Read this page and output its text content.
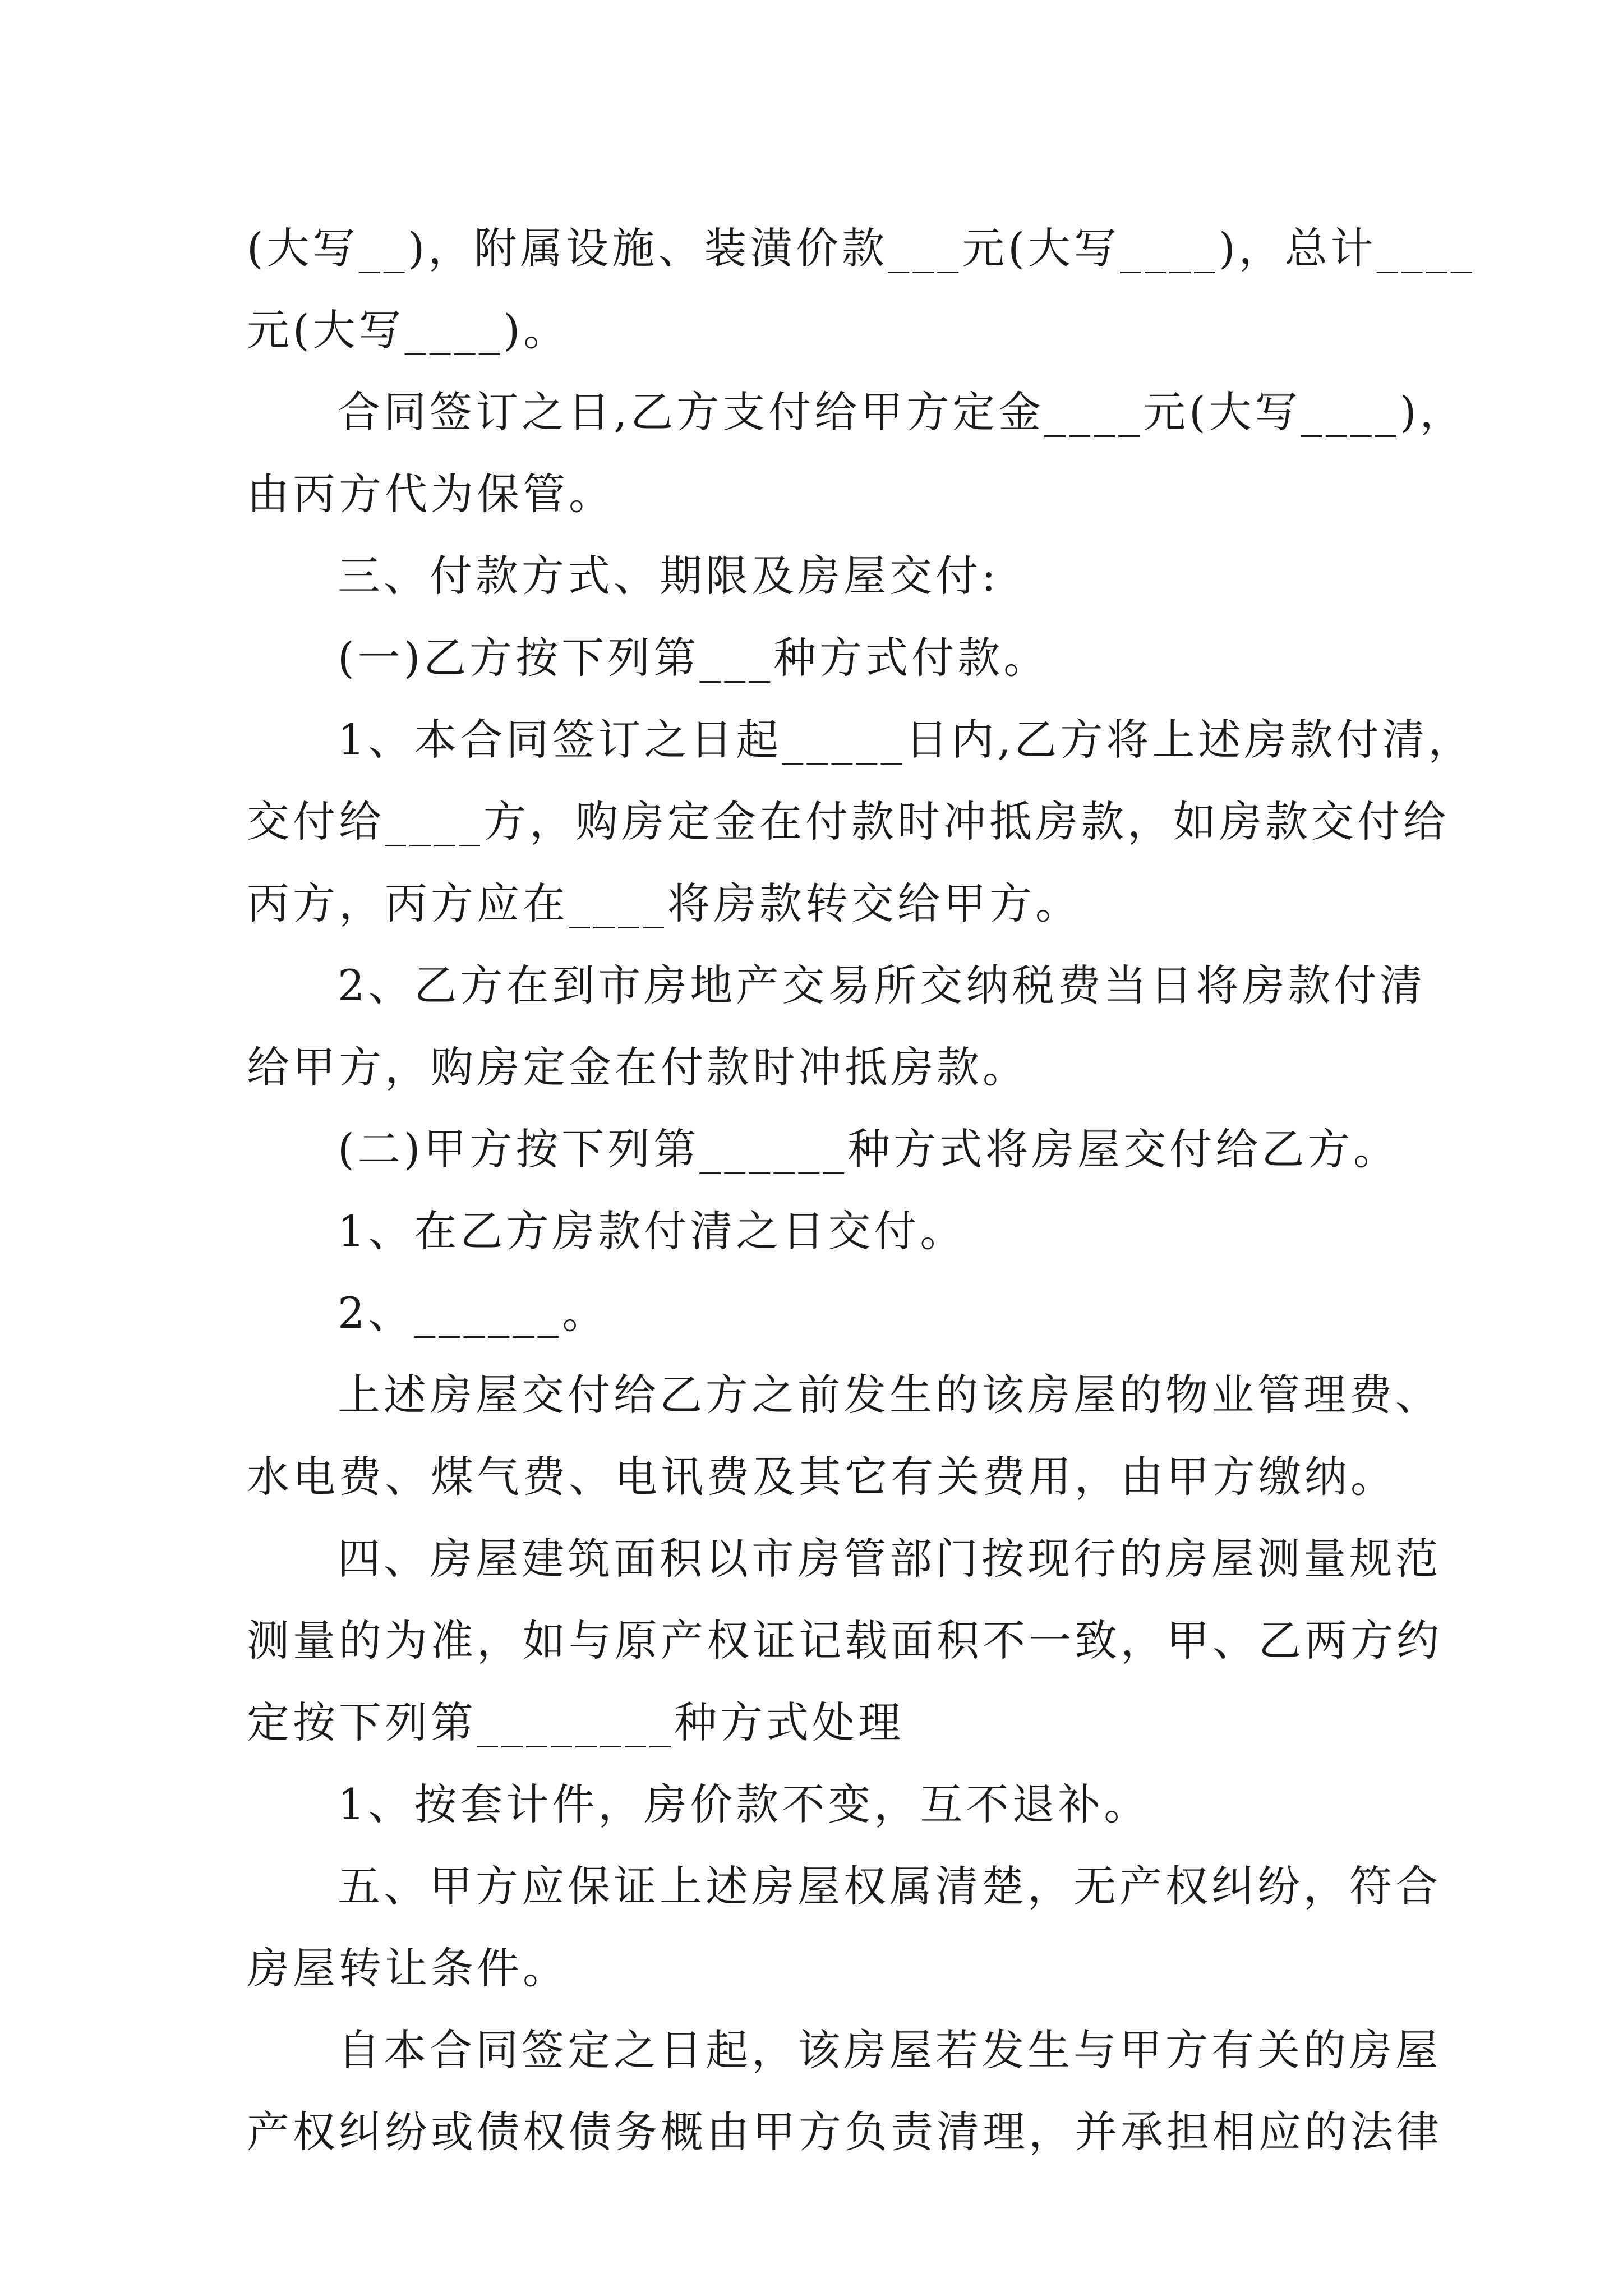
(大写__)，附属设施、装潢价款___元(大写____)，总计____
元(大写____)。
合同签订之日,乙方支付给甲方定金____元(大写____)，
由丙方代为保管。
三、付款方式、期限及房屋交付:
(一)乙方按下列第___种方式付款。
1、本合同签订之日起_____日内,乙方将上述房款付清，
交付给____方，购房定金在付款时冲抵房款，如房款交付给
丙方，丙方应在____将房款转交给甲方。
2、乙方在到市房地产交易所交纳税费当日将房款付清
给甲方，购房定金在付款时冲抵房款。
(二)甲方按下列第______种方式将房屋交付给乙方。
1、在乙方房款付清之日交付。
2、______。
上述房屋交付给乙方之前发生的该房屋的物业管理费、
水电费、煤气费、电讯费及其它有关费用，由甲方缴纳。
四、房屋建筑面积以市房管部门按现行的房屋测量规范
测量的为准，如与原产权证记载面积不一致，甲、乙两方约
定按下列第________种方式处理
1、按套计件，房价款不变，互不退补。
五、甲方应保证上述房屋权属清楚，无产权纠纷，符合
房屋转让条件。
自本合同签定之日起，该房屋若发生与甲方有关的房屋
产权纠纷或债权债务概由甲方负责清理，并承担相应的法律
